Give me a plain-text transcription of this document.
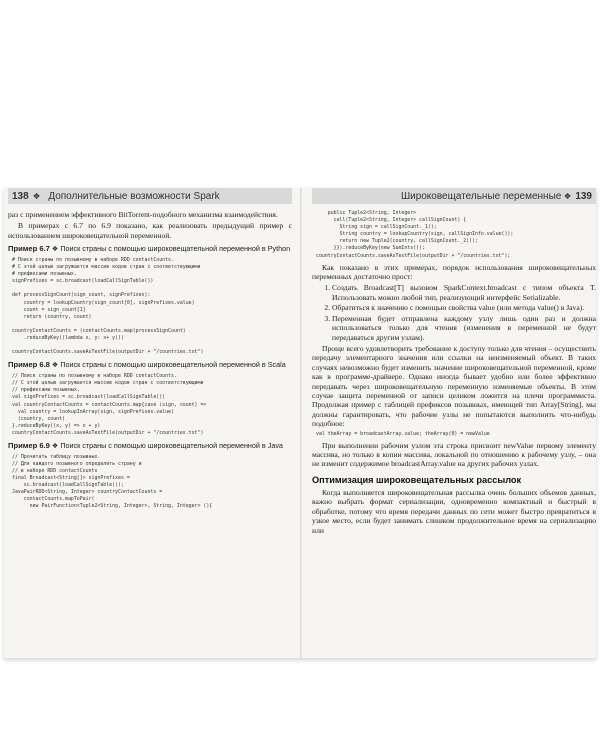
138 ❖ Дополнительные возможности Spark

раз с применением эффективного BitTorrent-подобного механизма взаимодействия.

В примерах с 6.7 по 6.9 показано, как реализовать предыдущий пример с использованием широковещательной переменной.

Пример 6.7 ❖ Поиск страны с помощью широковещательной переменной в Python
# Поиск страны по позывному в наборе RDD contactCounts.
# С этой целью загружается массив кодов стран с соответствующими
# префиксами позывных.
signPrefixes = sc.broadcast(loadCallSignTable())

def processSignCount(sign_count, signPrefixes):
country = lookupCountry(sign_count[0], signPrefixes.value)
count = sign_count[1]
return (country, count)

countryContactCounts = (contactCounts.map(processSignCount)
.reduceByKey((lambda x, y: x+ y)))

countryContactCounts.saveAsTextFile(outputDir + "/countries.txt")
Пример 6.8 ❖ Поиск страны с помощью широковещательной переменной в Scala
// Поиск страны по позывному в наборе RDD contactCounts.
// С этой целью загружается массив кодов стран с соответствующими
// префиксами позывных.
val signPrefixes = sc.broadcast(loadCallSignTable())
val countryContactCounts = contactCounts.map{case (sign, count) =>
val country = lookupInArray(sign, signPrefixes.value)
(country, count)
}.reduceByKey((x, y) => x + y)
countryContactCounts.saveAsTextFile(outputDir + "/countries.txt")
Пример 6.9 ❖ Поиск страны с помощью широковещательной переменной в Java
// Прочитать таблицу позывных.
// Для каждого позывного определить страну и
// в наборе RDD contactCounts
final Broadcast<String[]> signPrefixes =
sc.broadcast(loadCallSignTable());
JavaPairRDD<String, Integer> countryContactCounts =
contactCounts.mapToPair(
new PairFunction<Tuple2<String, Integer>, String, Integer> (){
Широковещательные переменные ❖ 139
public Tuple2<String, Integer>
call(Tuple2<String, Integer> callSignCount) {
String sign = callSignCount._1();
String country = lookupCountry(sign, callSignInfo.value());
return new Tuple2(country, callSignCount._2());
}}).reduceByKey(new SumInts());
countryContactCounts.saveAsTextFile(outputDir + "/countries.txt");

Как показано в этих примерах, порядок использования широковещательных переменных достаточно прост:

1. Создать Broadcast[T] вызовом SparkContext.broadcast с типом объекта T. Использовать можно любой тип, реализующий интерфейс Serializable.
2. Обратиться к значению с помощью свойства value (или метода value() в Java).
3. Переменная будет отправлена каждому узлу лишь один раз и должна использоваться только для чтения (изменения в переменной не будут передаваться другим узлам).

Проще всего удовлетворить требование к доступу только для чтения – осуществить передачу элементарного значения или ссылки на неизменяемый объект. В таких случаях невозможно будет изменить значение широковещательной переменной, кроме как в программе-драйвере. Однако иногда бывает удобно или более эффективно передавать через широковещательную переменную изменяемые объекты. В этом случае защита переменной от записи целиком ложится на плечи программиста. Продолжая пример с таблицей префиксов позывных, имеющей тип Array[String], мы должны гарантировать, что рабочие узлы не попытаются выполнить что-нибудь подобное:

val theArray = broadcastArray.value; theArray(0) = newValue

При выполнении рабочим узлом эта строка присвоит newValue первому элементу массива, но только в копии массива, локальной по отношению к рабочему узлу, – она не изменит содержимое broadcastArray.value на других рабочих узлах.

Оптимизация широковещательных рассылок

Когда выполняется широковещательная рассылка очень больших объемов данных, важно выбрать формат сериализации, одновременно компактный и быстрый в обработке, потому что время передачи данных по сети может быстро превратиться в узкое место, если будет занимать слишком продолжительное время на сериализацию или
